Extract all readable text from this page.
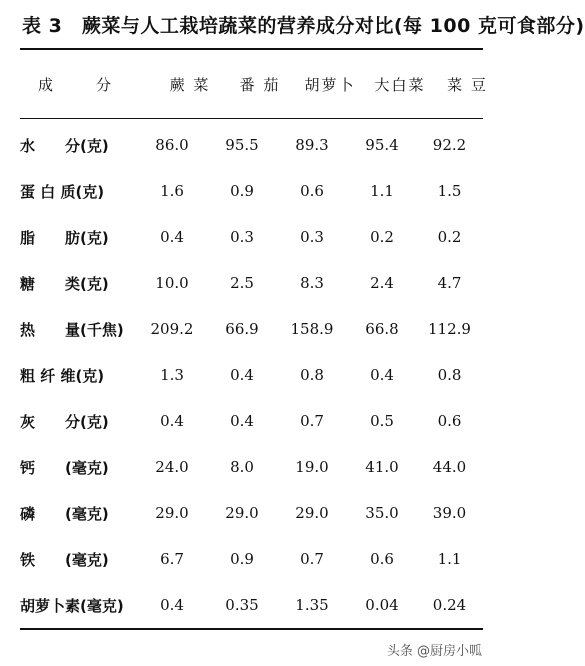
表 3　蕨菜与人工栽培蔬菜的营养成分对比(每 100 克可食部分)
成　分	蕨 菜	番 茄	胡萝卜	大白菜	菜 豆
水　　分(克)	86.0	95.5	89.3	95.4	92.2
蛋 白 质(克)	1.6	0.9	0.6	1.1	1.5
脂　　肪(克)	0.4	0.3	0.3	0.2	0.2
糖　　类(克)	10.0	2.5	8.3	2.4	4.7
热　　量(千焦)	209.2	66.9	158.9	66.8	112.9
粗 纤 维(克)	1.3	0.4	0.8	0.4	0.8
灰　　分(克)	0.4	0.4	0.7	0.5	0.6
钙　　(毫克)	24.0	8.0	19.0	41.0	44.0
磷　　(毫克)	29.0	29.0	29.0	35.0	39.0
铁　　(毫克)	6.7	0.9	0.7	0.6	1.1
胡萝卜素(毫克)	0.4	0.35	1.35	0.04	0.24
头条 @厨房小呱
